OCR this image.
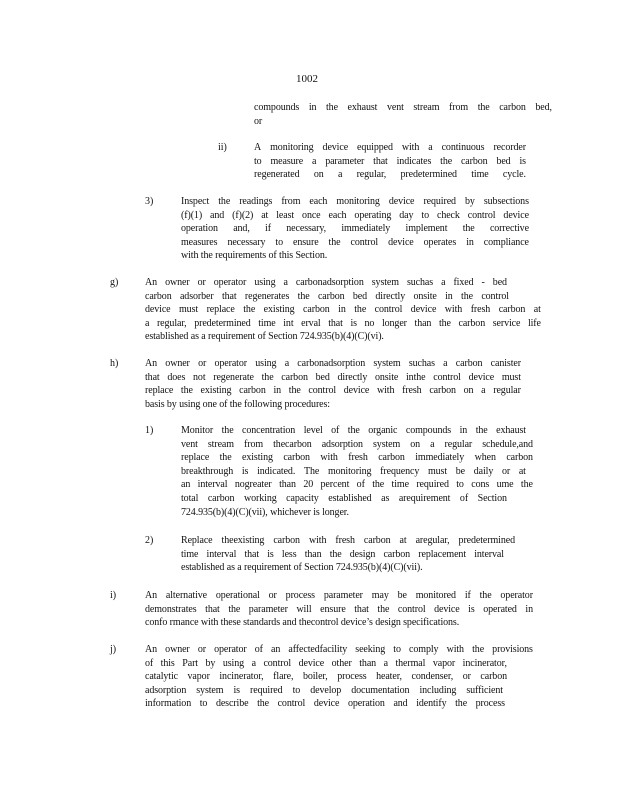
1002
compounds in the exhaust vent stream from the carbon bed,
or
ii)	A monitoring device equipped with a continuous recorder
to measure a parameter that indicates the carbon bed is
regenerated on a regular, predetermined time cycle.
3)	Inspect the readings from each monitoring device required by subsections
(f)(1) and (f)(2) at least once each operating day to check control device
operation and, if necessary, immediately implement the corrective
measures necessary to ensure the control device operates in compliance
with the requirements of this Section.
g)	An owner or operator using a carbonadsorption system suchas a fixed - bed
carbon adsorber that regenerates the carbon bed directly onsite in the control
device must replace the existing carbon in the control device with fresh carbon at
a regular, predetermined time int erval that is no longer than the carbon service life
established as a requirement of Section 724.935(b)(4)(C)(vi).
h)	An owner or operator using a carbonadsorption system suchas a carbon canister
that does not regenerate the carbon bed directly onsite inthe control device must
replace the existing carbon in the control device with fresh carbon on a regular
basis by using one of the following procedures:
1)	Monitor the concentration level of the organic compounds in the exhaust
vent stream from thecarbon adsorption system on a regular schedule,and
replace the existing carbon with fresh carbon immediately when carbon
breakthrough is indicated. The monitoring frequency must be daily or at
an interval nogreater than 20 percent of the time required to cons ume the
total carbon working capacity established as arequirement of Section
724.935(b)(4)(C)(vii), whichever is longer.
2)	Replace theexisting carbon with fresh carbon at aregular, predetermined
time interval that is less than the design carbon replacement interval
established as a requirement of Section 724.935(b)(4)(C)(vii).
i)	An alternative operational or process parameter may be monitored if the operator
demonstrates that the parameter will ensure that the control device is operated in
confo rmance with these standards and thecontrol device’s design specifications.
j)	An owner or operator of an affectedfacility seeking to comply with the provisions
of this Part by using a control device other than a thermal vapor incinerator,
catalytic vapor incinerator, flare, boiler, process heater, condenser, or carbon
adsorption system is required to develop documentation including sufficient
information to describe the control device operation and identify the process
